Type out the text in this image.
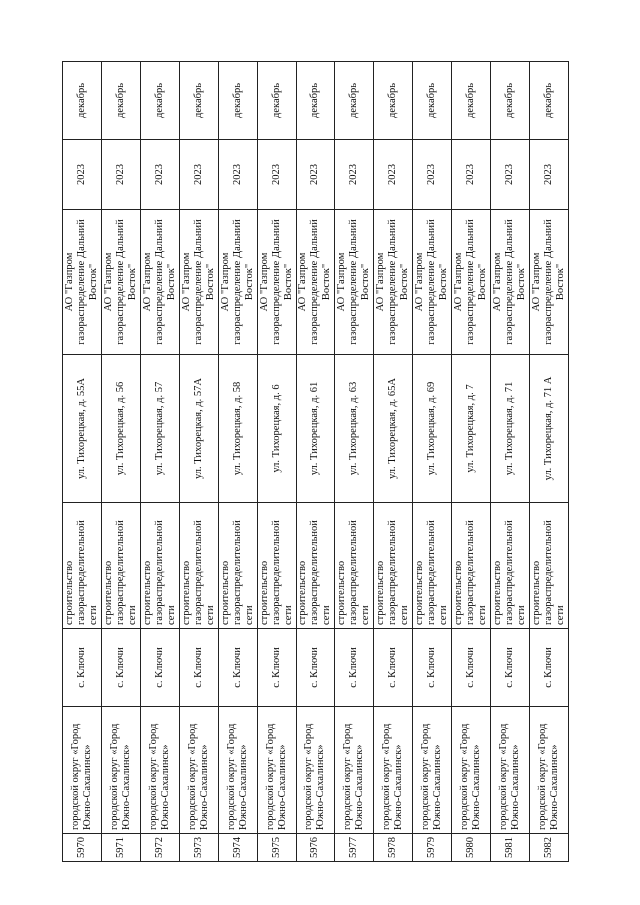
5970	городской округ «Город Южно-Сахалинск»	с. Ключи	строительство газораспределительной сети	ул. Тихорецкая, д. 55А	АО "Газпром газораспределение Дальний Восток"	2023	декабрь
5971	городской округ «Город Южно-Сахалинск»	с. Ключи	строительство газораспределительной сети	ул. Тихорецкая, д. 56	АО "Газпром газораспределение Дальний Восток"	2023	декабрь
5972	городской округ «Город Южно-Сахалинск»	с. Ключи	строительство газораспределительной сети	ул. Тихорецкая, д. 57	АО "Газпром газораспределение Дальний Восток"	2023	декабрь
5973	городской округ «Город Южно-Сахалинск»	с. Ключи	строительство газораспределительной сети	ул. Тихорецкая, д. 57А	АО "Газпром газораспределение Дальний Восток"	2023	декабрь
5974	городской округ «Город Южно-Сахалинск»	с. Ключи	строительство газораспределительной сети	ул. Тихорецкая, д. 58	АО "Газпром газораспределение Дальний Восток"	2023	декабрь
5975	городской округ «Город Южно-Сахалинск»	с. Ключи	строительство газораспределительной сети	ул. Тихорецкая, д. 6	АО "Газпром газораспределение Дальний Восток"	2023	декабрь
5976	городской округ «Город Южно-Сахалинск»	с. Ключи	строительство газораспределительной сети	ул. Тихорецкая, д. 61	АО "Газпром газораспределение Дальний Восток"	2023	декабрь
5977	городской округ «Город Южно-Сахалинск»	с. Ключи	строительство газораспределительной сети	ул. Тихорецкая, д. 63	АО "Газпром газораспределение Дальний Восток"	2023	декабрь
5978	городской округ «Город Южно-Сахалинск»	с. Ключи	строительство газораспределительной сети	ул. Тихорецкая, д. 65А	АО "Газпром газораспределение Дальний Восток"	2023	декабрь
5979	городской округ «Город Южно-Сахалинск»	с. Ключи	строительство газораспределительной сети	ул. Тихорецкая, д. 69	АО "Газпром газораспределение Дальний Восток"	2023	декабрь
5980	городской округ «Город Южно-Сахалинск»	с. Ключи	строительство газораспределительной сети	ул. Тихорецкая, д. 7	АО "Газпром газораспределение Дальний Восток"	2023	декабрь
5981	городской округ «Город Южно-Сахалинск»	с. Ключи	строительство газораспределительной сети	ул. Тихорецкая, д. 71	АО "Газпром газораспределение Дальний Восток"	2023	декабрь
5982	городской округ «Город Южно-Сахалинск»	с. Ключи	строительство газораспределительной сети	ул. Тихорецкая, д. 71 А	АО "Газпром газораспределение Дальний Восток"	2023	декабрь
